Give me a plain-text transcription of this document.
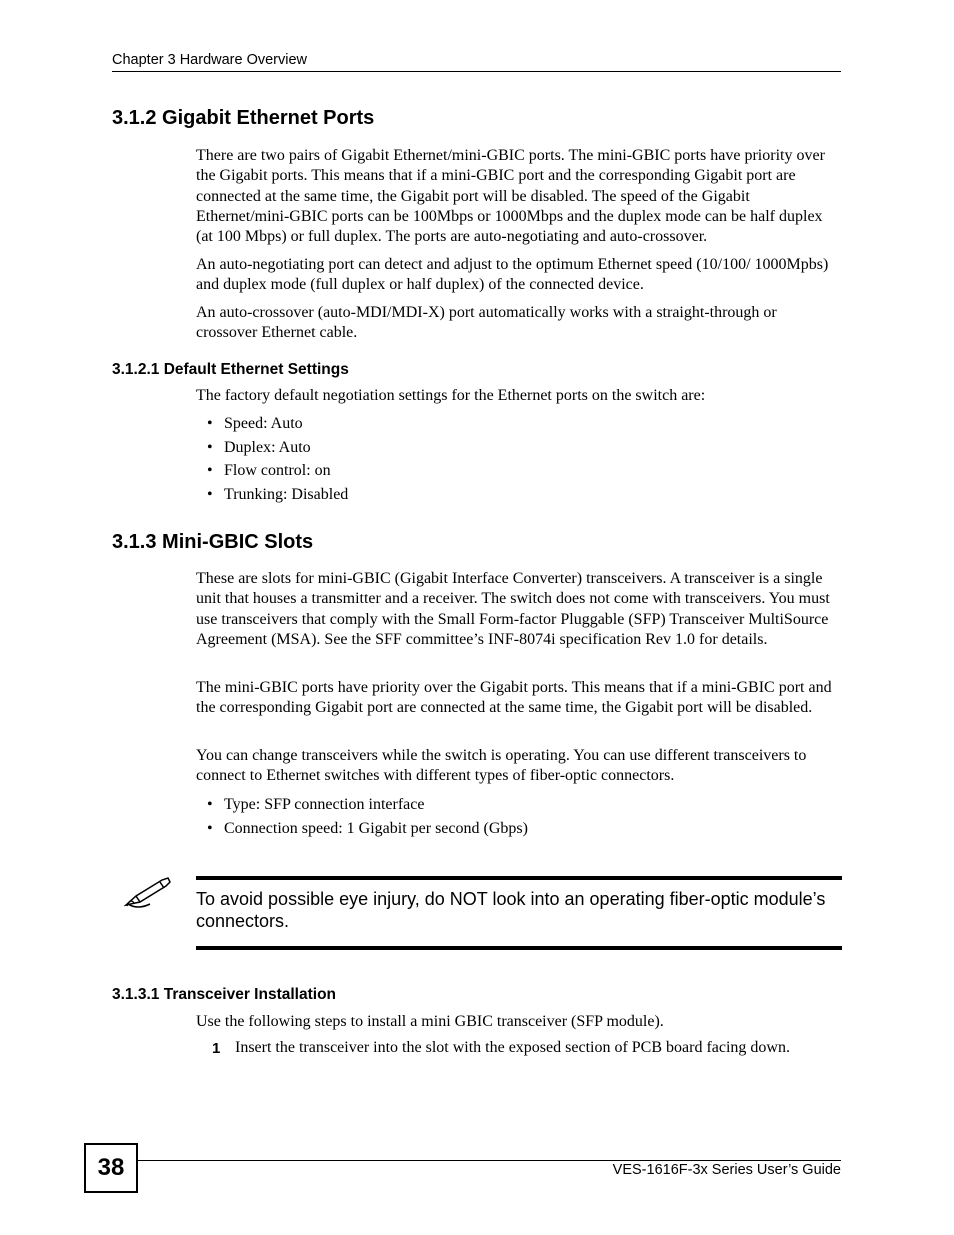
Chapter 3 Hardware Overview
3.1.2 Gigabit Ethernet Ports

There are two pairs of Gigabit Ethernet/mini-GBIC ports. The mini-GBIC ports have priority over the Gigabit ports. This means that if a mini-GBIC port and the corresponding Gigabit port are connected at the same time, the Gigabit port will be disabled. The speed of the Gigabit Ethernet/mini-GBIC ports can be 100Mbps or 1000Mbps and the duplex mode can be half duplex (at 100 Mbps) or full duplex. The ports are auto-negotiating and auto-crossover.

An auto-negotiating port can detect and adjust to the optimum Ethernet speed (10/100/ 1000Mpbs) and duplex mode (full duplex or half duplex) of the connected device.

An auto-crossover (auto-MDI/MDI-X) port automatically works with a straight-through or crossover Ethernet cable.

3.1.2.1 Default Ethernet Settings

The factory default negotiation settings for the Ethernet ports on the switch are:

• Speed: Auto
• Duplex: Auto
• Flow control: on
• Trunking: Disabled
3.1.3 Mini-GBIC Slots

These are slots for mini-GBIC (Gigabit Interface Converter) transceivers. A transceiver is a single unit that houses a transmitter and a receiver. The switch does not come with transceivers. You must use transceivers that comply with the Small Form-factor Pluggable (SFP) Transceiver MultiSource Agreement (MSA). See the SFF committee’s INF-8074i specification Rev 1.0 for details.

The mini-GBIC ports have priority over the Gigabit ports. This means that if a mini-GBIC port and the corresponding Gigabit port are connected at the same time, the Gigabit port will be disabled.

You can change transceivers while the switch is operating. You can use different transceivers to connect to Ethernet switches with different types of fiber-optic connectors.

• Type: SFP connection interface
• Connection speed: 1 Gigabit per second (Gbps)
To avoid possible eye injury, do NOT look into an operating fiber-optic module’s connectors.
3.1.3.1 Transceiver Installation

Use the following steps to install a mini GBIC transceiver (SFP module).

1 Insert the transceiver into the slot with the exposed section of PCB board facing down.
38	VES-1616F-3x Series User’s Guide
